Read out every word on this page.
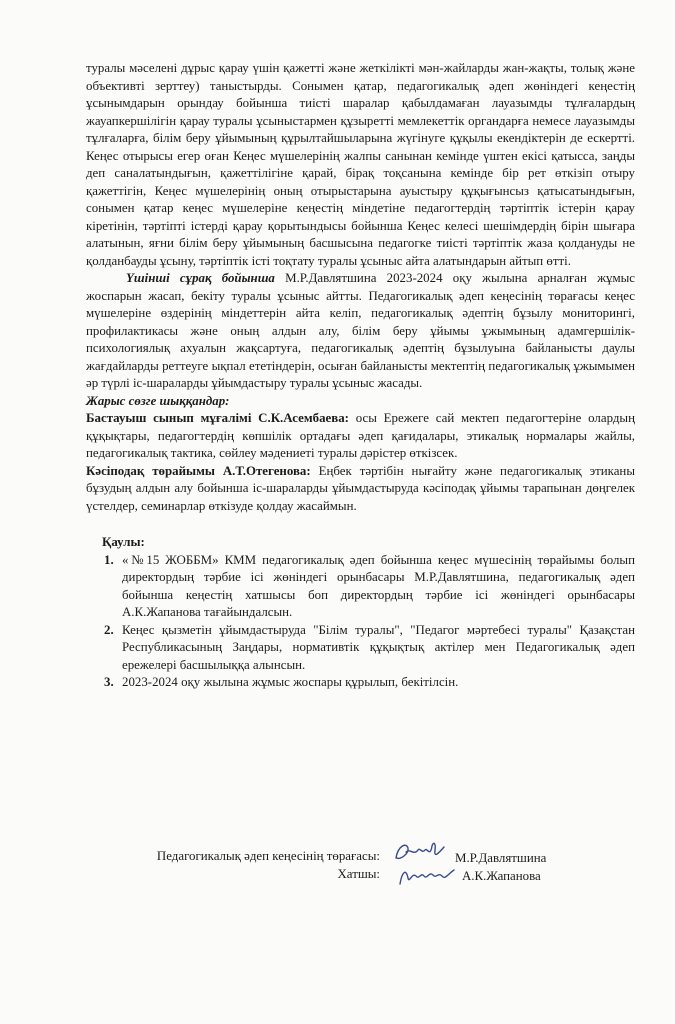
туралы мәселені дұрыс қарау үшін қажетті және жеткілікті мән-жайларды жан-жақты, толық және объективті зерттеу) таныстырды. Сонымен қатар, педагогикалық әдеп жөніндегі кеңестің ұсынымдарын орындау бойынша тиісті шаралар қабылдамаған лауазымды тұлғалардың жауапкершілігін қарау туралы ұсыныстармен құзыретті мемлекеттік органдарға немесе лауазымды тұлғаларға, білім беру ұйымының құрылтайшыларына жүгінуге құқылы екендіктерін де ескертті. Кеңес отырысы егер оған Кеңес мүшелерінің жалпы санынан кемінде үштен екісі қатысса, заңды деп саналатындығын, қажеттілігіне қарай, бірақ тоқсанына кемінде бір рет өткізіп отыру қажеттігін, Кеңес мүшелерінің оның отырыстарына ауыстыру құқығынсыз қатысатындығын, сонымен қатар кеңес мүшелеріне кеңестің міндетіне педагогтердің тәртіптік істерін қарау кіретінін, тәртіпті істерді қарау қорытындысы бойынша Кеңес келесі шешімдердің бірін шығара алатынын, яғни білім беру ұйымының басшысына педагогке тиісті тәртіптік жаза қолдануды не қолданбауды ұсыну, тәртіптік істі тоқтату туралы ұсыныс айта алатындарын айтып өтті.

Үшінші сұрақ бойынша М.Р.Давлятшина 2023-2024 оқу жылына арналған жұмыс жоспарын жасап, бекіту туралы ұсыныс айтты. Педагогикалық әдеп кеңесінің төрағасы кеңес мүшелеріне өздерінің міндеттерін айта келіп, педагогикалық әдептің бұзылу мониторингі, профилактикасы және оның алдын алу, білім беру ұйымы ұжымының адамгершілік-психологиялық ахуалын жақсартуға, педагогикалық әдептің бұзылуына байланысты даулы жағдайларды реттеуге ықпал ететіндерін, осыған байланысты мектептің педагогикалық ұжымымен әр түрлі іс-шараларды ұйымдастыру туралы ұсыныс жасады.

Жарыс сөзге шыққандар:

Бастауыш сынып мұғалімі С.К.Асембаева: осы Ережеге сай мектеп педагогтеріне олардың құқықтары, педагогтердің көпшілік ортадағы әдеп қағидалары, этикалық нормалары жайлы, педагогикалық тактика, сөйлеу мәдениеті туралы дәрістер өткізсек.

Кәсіподақ төрайымы А.Т.Отегенова: Еңбек тәртібін нығайту және педагогикалық этиканы бұзудың алдын алу бойынша іс-шараларды ұйымдастыруда кәсіподақ ұйымы тарапынан дөңгелек үстелдер, семинарлар өткізуде қолдау жасаймын.

Қаулы:

1. «№15 ЖОББМ» КММ педагогикалық әдеп бойынша кеңес мүшесінің төрайымы болып директордың тәрбие ісі жөніндегі орынбасары М.Р.Давлятшина, педагогикалық әдеп бойынша кеңестің хатшысы боп директордың тәрбие ісі жөніндегі орынбасары А.К.Жапанова тағайындалсын.
2. Кеңес қызметін ұйымдастыруда "Білім туралы", "Педагог мәртебесі туралы" Қазақстан Республикасының Заңдары, нормативтік құқықтық актілер мен Педагогикалық әдеп ережелері басшылыққа алынсын.
3. 2023-2024 оқу жылына жұмыс жоспары құрылып, бекітілсін.
Педагогикалық әдеп кеңесінің төрағасы:	М.Р.Давлятшина
Хатшы:	А.К.Жапанова
